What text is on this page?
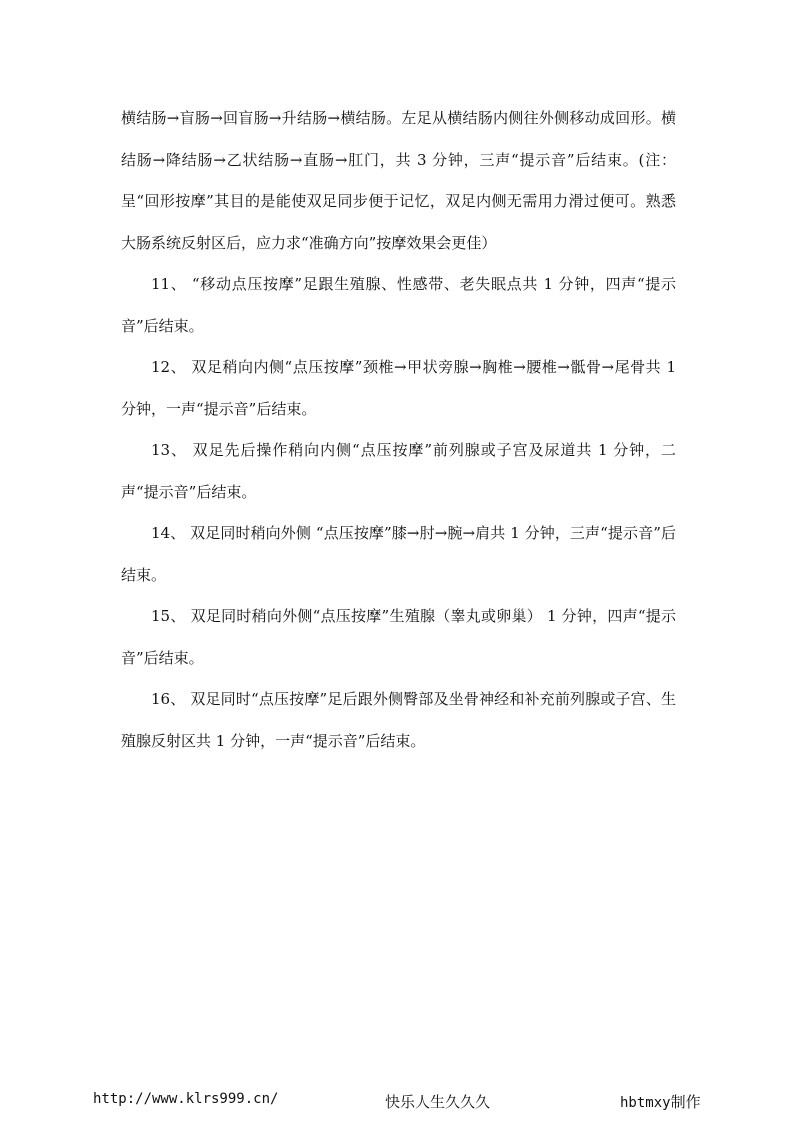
横结肠→盲肠→回盲肠→升结肠→横结肠。左足从横结肠内侧往外侧移动成回形。横结肠→降结肠→乙状结肠→直肠→肛门，共 3 分钟，三声“提示音”后结束。(注：呈“回形按摩”其目的是能使双足同步便于记忆，双足内侧无需用力滑过便可。熟悉大肠系统反射区后，应力求“准确方向”按摩效果会更佳）

11、 “移动点压按摩”足跟生殖腺、性感带、老失眠点共 1 分钟，四声“提示音”后结束。

12、 双足稍向内侧“点压按摩”颈椎→甲状旁腺→胸椎→腰椎→骶骨→尾骨共 1 分钟，一声“提示音”后结束。

13、 双足先后操作稍向内侧“点压按摩”前列腺或子宫及尿道共 1 分钟，二声“提示音”后结束。

14、 双足同时稍向外侧 “点压按摩”膝→肘→腕→肩共 1 分钟，三声“提示音”后结束。

15、 双足同时稍向外侧“点压按摩”生殖腺（睾丸或卵巢） 1 分钟，四声“提示音”后结束。

16、 双足同时“点压按摩”足后跟外侧臀部及坐骨神经和补充前列腺或子宫、生殖腺反射区共 1 分钟，一声“提示音”后结束。

http://www.klrs999.cn/	快乐人生久久久	hbtmxy制作
